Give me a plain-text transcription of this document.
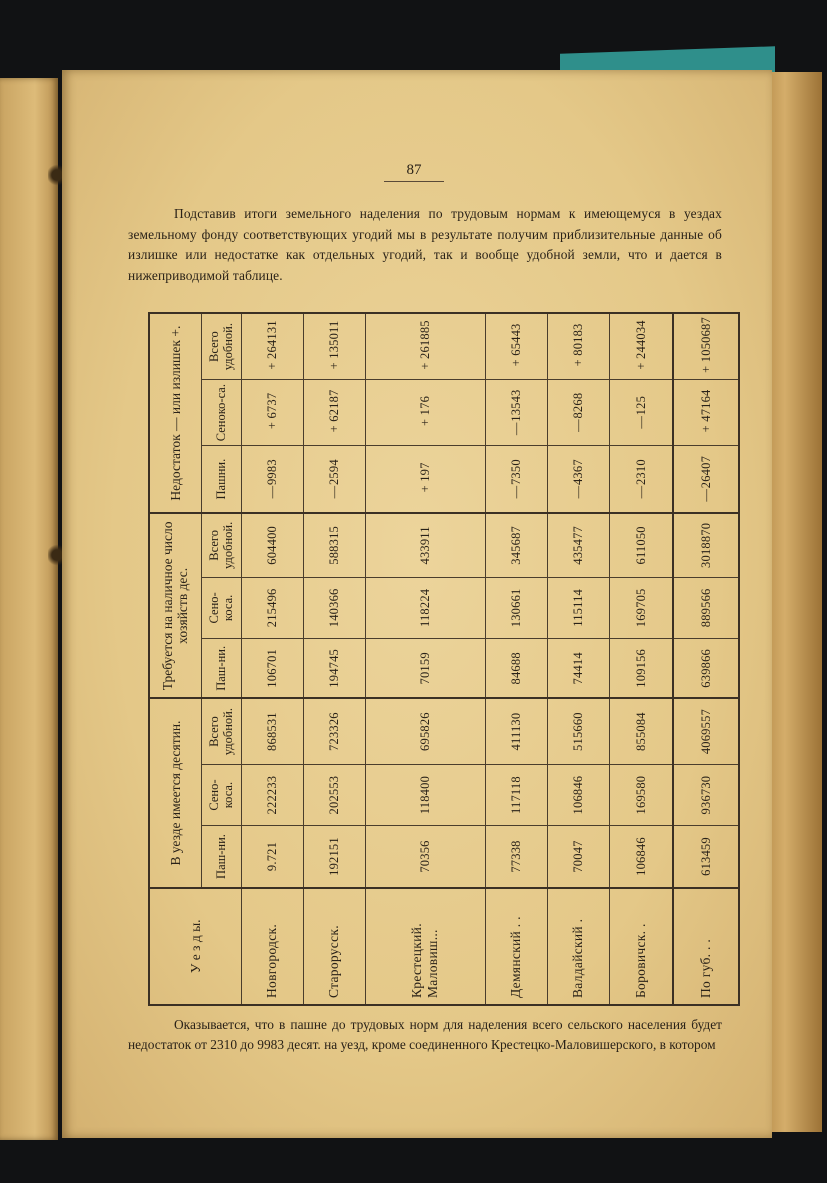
87

Подставив итоги земельного наделения по трудовым нормам к имеющемуся в уездах земельному фонду соответствующих угодий мы в результате получим приблизительные данные об излишке или недостатке как отдельных угодий, так и вообще удобной земли, что и дается в нижеприводимой таблице.

У е з д ы.	В уезде имеется десятин.			Требуется на наличное число хозяйств дес.			Недостаток — или излишек +.		
	Паш-ни.	Сено-коса.	Всего удобной.	Паш-ни.	Сено-коса.	Всего удобной.	Пашни.	Сеноко-са.	Всего удобной.
Новгородск.	9.721	222233	868531	106701	215496	604400	—9983	+6737	+264131
Старорусск.	192151	202553	723326	194745	140366	588315	—2594	+62187	+135011
Крестецкий. Маловиш...	70356	118400	695826	70159	118224	433911	+197	+176	+261885
Демянский . .	77338	117118	411130	84688	130661	345687	—7350	—13543	+65443
Валдайский .	70047	106846	515660	74414	115114	435477	—4367	—8268	+80183
Боровичск. .	106846	169580	855084	109156	169705	611050	—2310	—125	+244034
По губ. . .	613459	936730	4069557	639866	889566	3018870	—26407	+47164	+1050687

Оказывается, что в пашне до трудовых норм для наделения всего сельского населения будет недостаток от 2310 до 9983 десят. на уезд, кроме соединенного Крестецко-Маловишерского, в котором
